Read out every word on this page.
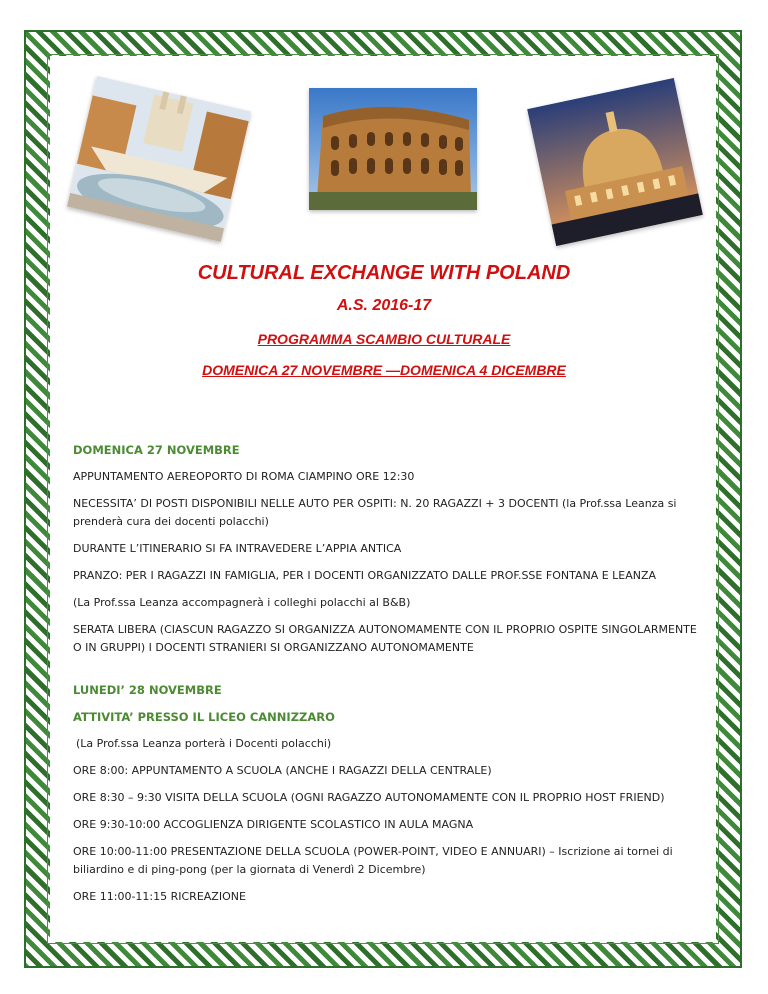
CULTURAL EXCHANGE WITH POLAND
A.S. 2016-17
PROGRAMMA SCAMBIO CULTURALE
DOMENICA 27 NOVEMBRE —DOMENICA 4 DICEMBRE
DOMENICA 27 NOVEMBRE

APPUNTAMENTO AEREOPORTO DI ROMA CIAMPINO ORE 12:30

NECESSITA’ DI POSTI DISPONIBILI NELLE AUTO PER OSPITI: N. 20 RAGAZZI + 3 DOCENTI (la Prof.ssa Leanza si prenderà cura dei docenti polacchi)

DURANTE L’ITINERARIO SI FA INTRAVEDERE L’APPIA ANTICA

PRANZO: PER I RAGAZZI IN FAMIGLIA, PER I DOCENTI ORGANIZZATO DALLE PROF.SSE FONTANA E LEANZA

(La Prof.ssa Leanza accompagnerà i colleghi polacchi al B&B)

SERATA LIBERA (CIASCUN RAGAZZO SI ORGANIZZA AUTONOMAMENTE CON IL PROPRIO OSPITE SINGOLARMENTE O IN GRUPPI) I DOCENTI STRANIERI SI ORGANIZZANO AUTONOMAMENTE

LUNEDI’ 28 NOVEMBRE
ATTIVITA’ PRESSO IL LICEO CANNIZZARO

(La Prof.ssa Leanza porterà i Docenti polacchi)

ORE 8:00: APPUNTAMENTO A SCUOLA (ANCHE I RAGAZZI DELLA CENTRALE)

ORE 8:30 – 9:30 VISITA DELLA SCUOLA (OGNI RAGAZZO AUTONOMAMENTE CON IL PROPRIO HOST FRIEND)

ORE 9:30-10:00 ACCOGLIENZA DIRIGENTE SCOLASTICO IN AULA MAGNA

ORE 10:00-11:00 PRESENTAZIONE DELLA SCUOLA (POWER-POINT, VIDEO E ANNUARI) – Iscrizione ai tornei di biliardino e di ping-pong (per la giornata di Venerdì 2 Dicembre)

ORE 11:00-11:15 RICREAZIONE
